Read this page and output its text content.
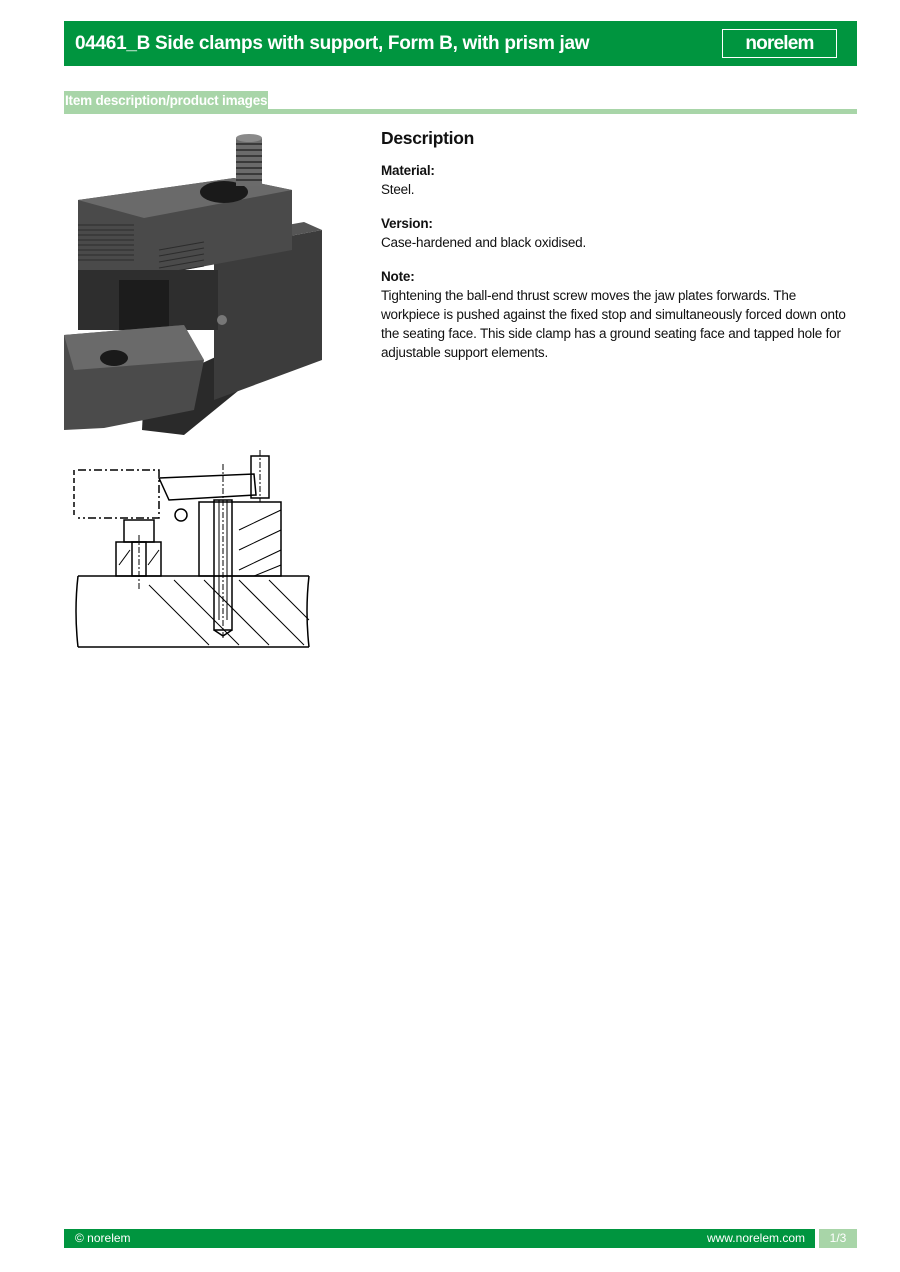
04461_B Side clamps with support, Form B, with prism jaw	norelem
Item description/product images
Description
Material:
Steel.
Version:
Case-hardened and black oxidised.
Note:
Tightening the ball-end thrust screw moves the jaw plates forwards. The workpiece is pushed against the fixed stop and simultaneously forced down onto the seating face. This side clamp has a ground seating face and tapped hole for adjustable support elements.
© norelem	www.norelem.com	1/3
